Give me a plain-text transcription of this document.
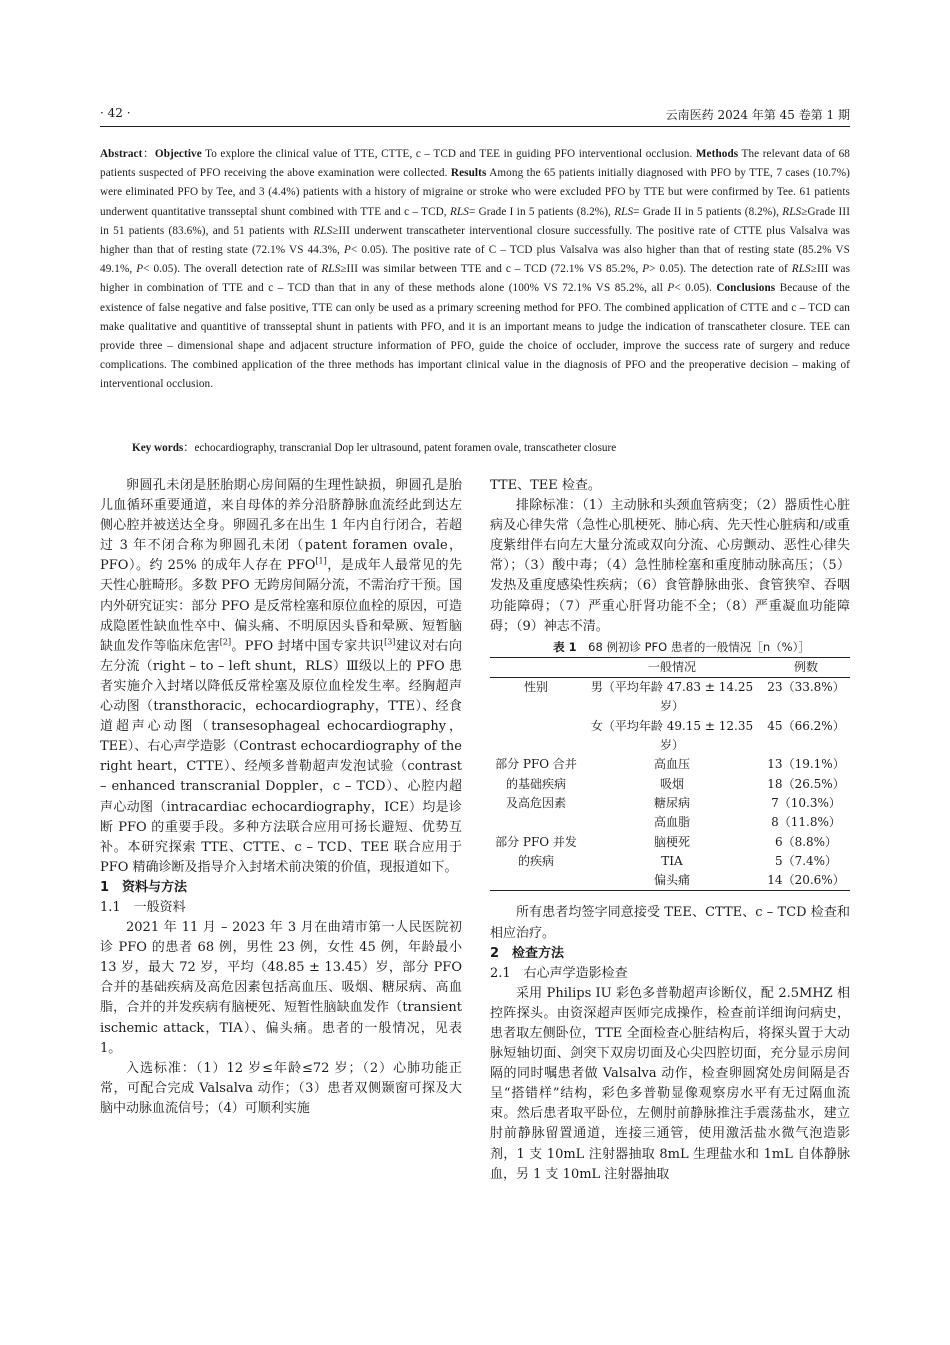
· 42 ·	云南医药 2024 年第 45 卷第 1 期
Abstract：Objective To explore the clinical value of TTE, CTTE, c – TCD and TEE in guiding PFO interventional occlusion. Methods The relevant data of 68 patients suspected of PFO receiving the above examination were collected. Results Among the 65 patients initially diagnosed with PFO by TTE, 7 cases (10.7%) were eliminated PFO by Tee, and 3 (4.4%) patients with a history of migraine or stroke who were excluded PFO by TTE but were confirmed by Tee. 61 patients underwent quantitative transseptal shunt combined with TTE and c – TCD, RLS= Grade I in 5 patients (8.2%), RLS= Grade II in 5 patients (8.2%), RLS≥Grade III in 51 patients (83.6%), and 51 patients with RLS≥III underwent transcatheter interventional closure successfully. The positive rate of CTTE plus Valsalva was higher than that of resting state (72.1% VS 44.3%, P< 0.05). The positive rate of C – TCD plus Valsalva was also higher than that of resting state (85.2% VS 49.1%, P< 0.05). The overall detection rate of RLS≥III was similar between TTE and c – TCD (72.1% VS 85.2%, P> 0.05). The detection rate of RLS≥III was higher in combination of TTE and c – TCD than that in any of these methods alone (100% VS 72.1% VS 85.2%, all P< 0.05). Conclusions Because of the existence of false negative and false positive, TTE can only be used as a primary screening method for PFO. The combined application of CTTE and c – TCD can make qualitative and quantitive of transseptal shunt in patients with PFO, and it is an important means to judge the indication of transcatheter closure. TEE can provide three – dimensional shape and adjacent structure information of PFO, guide the choice of occluder, improve the success rate of surgery and reduce complications. The combined application of the three methods has important clinical value in the diagnosis of PFO and the preoperative decision – making of interventional occlusion.
Key words：echocardiography, transcranial Dop ler ultrasound, patent foramen ovale, transcatheter closure

卵圆孔未闭是胚胎期心房间隔的生理性缺损，卵圆孔是胎儿血循环重要通道，来自母体的养分沿脐静脉血流经此到达左侧心腔并被送达全身。卵圆孔多在出生 1 年内自行闭合，若超过 3 年不闭合称为卵圆孔未闭（patent foramen ovale，PFO）。约 25% 的成年人存在 PFO[1]，是成年人最常见的先天性心脏畸形。多数 PFO 无跨房间隔分流，不需治疗干预。国内外研究证实：部分 PFO 是反常栓塞和原位血栓的原因，可造成隐匿性缺血性卒中、偏头痛、不明原因头昏和晕厥、短暂脑缺血发作等临床危害[2]。PFO 封堵中国专家共识[3]建议对右向左分流（right – to – left shunt，RLS）Ⅲ级以上的 PFO 患者实施介入封堵以降低反常栓塞及原位血栓发生率。经胸超声心动图（transthoracic，echocardiography，TTE）、经食道超声心动图（transesophageal echocardiography，TEE）、右心声学造影（Contrast echocardiography of the right heart，CTTE）、经颅多普勒超声发泡试验（contrast – enhanced transcranial Doppler，c – TCD）、心腔内超声心动图（intracardiac echocardiography，ICE）均是诊断 PFO 的重要手段。多种方法联合应用可扬长避短、优势互补。本研究探索 TTE、CTTE、c – TCD、TEE 联合应用于 PFO 精确诊断及指导介入封堵术前决策的价值，现报道如下。

1　资料与方法

1.1　一般资料

2021 年 11 月 – 2023 年 3 月在曲靖市第一人民医院初诊 PFO 的患者 68 例，男性 23 例，女性 45 例，年龄最小 13 岁，最大 72 岁，平均（48.85 ± 13.45）岁，部分 PFO 合并的基础疾病及高危因素包括高血压、吸烟、糖尿病、高血脂，合并的并发疾病有脑梗死、短暂性脑缺血发作（transient ischemic attack，TIA）、偏头痛。患者的一般情况，见表 1。

入选标准：（1）12 岁≤年龄≤72 岁；（2）心肺功能正常，可配合完成 Valsalva 动作；（3）患者双侧颞窗可探及大脑中动脉血流信号；（4）可顺利实施

TTE、TEE 检查。

排除标准：（1）主动脉和头颈血管病变；（2）器质性心脏病及心律失常（急性心肌梗死、肺心病、先天性心脏病和/或重度紫绀伴右向左大量分流或双向分流、心房颤动、恶性心律失常）；（3）酸中毒；（4）急性肺栓塞和重度肺动脉高压；（5）发热及重度感染性疾病；（6）食管静脉曲张、食管狭窄、吞咽功能障碍；（7）严重心肝肾功能不全；（8）严重凝血功能障碍；（9）神志不清。

表 1　 68 例初诊 PFO 患者的一般情况［n（%）］

	一般情况	例数
性别	男（平均年龄 47.83 ± 14.25 岁）	23（33.8%）
	女（平均年龄 49.15 ± 12.35 岁）	45（66.2%）
部分 PFO 合并
的基础疾病
及高危因素	高血压	13（19.1%）
	吸烟	18（26.5%）
	糖尿病	7（10.3%）
	高血脂	8（11.8%）
部分 PFO 并发
的疾病	脑梗死	6（8.8%）
	TIA	5（7.4%）
	偏头痛	14（20.6%）

所有患者均签字同意接受 TEE、CTTE、c – TCD 检查和相应治疗。

2　检查方法

2.1　右心声学造影检查

采用 Philips IU 彩色多普勒超声诊断仪，配 2.5MHZ 相控阵探头。由资深超声医师完成操作，检查前详细询问病史，患者取左侧卧位，TTE 全面检查心脏结构后，将探头置于大动脉短轴切面、剑突下双房切面及心尖四腔切面，充分显示房间隔的同时嘱患者做 Valsalva 动作，检查卵圆窝处房间隔是否呈“搭错样”结构，彩色多普勒显像观察房水平有无过隔血流束。然后患者取平卧位，左侧肘前静脉推注手震荡盐水，建立肘前静脉留置通道，连接三通管，使用激活盐水微气泡造影剂，1 支 10mL 注射器抽取 8mL 生理盐水和 1mL 自体静脉血，另 1 支 10mL 注射器抽取
